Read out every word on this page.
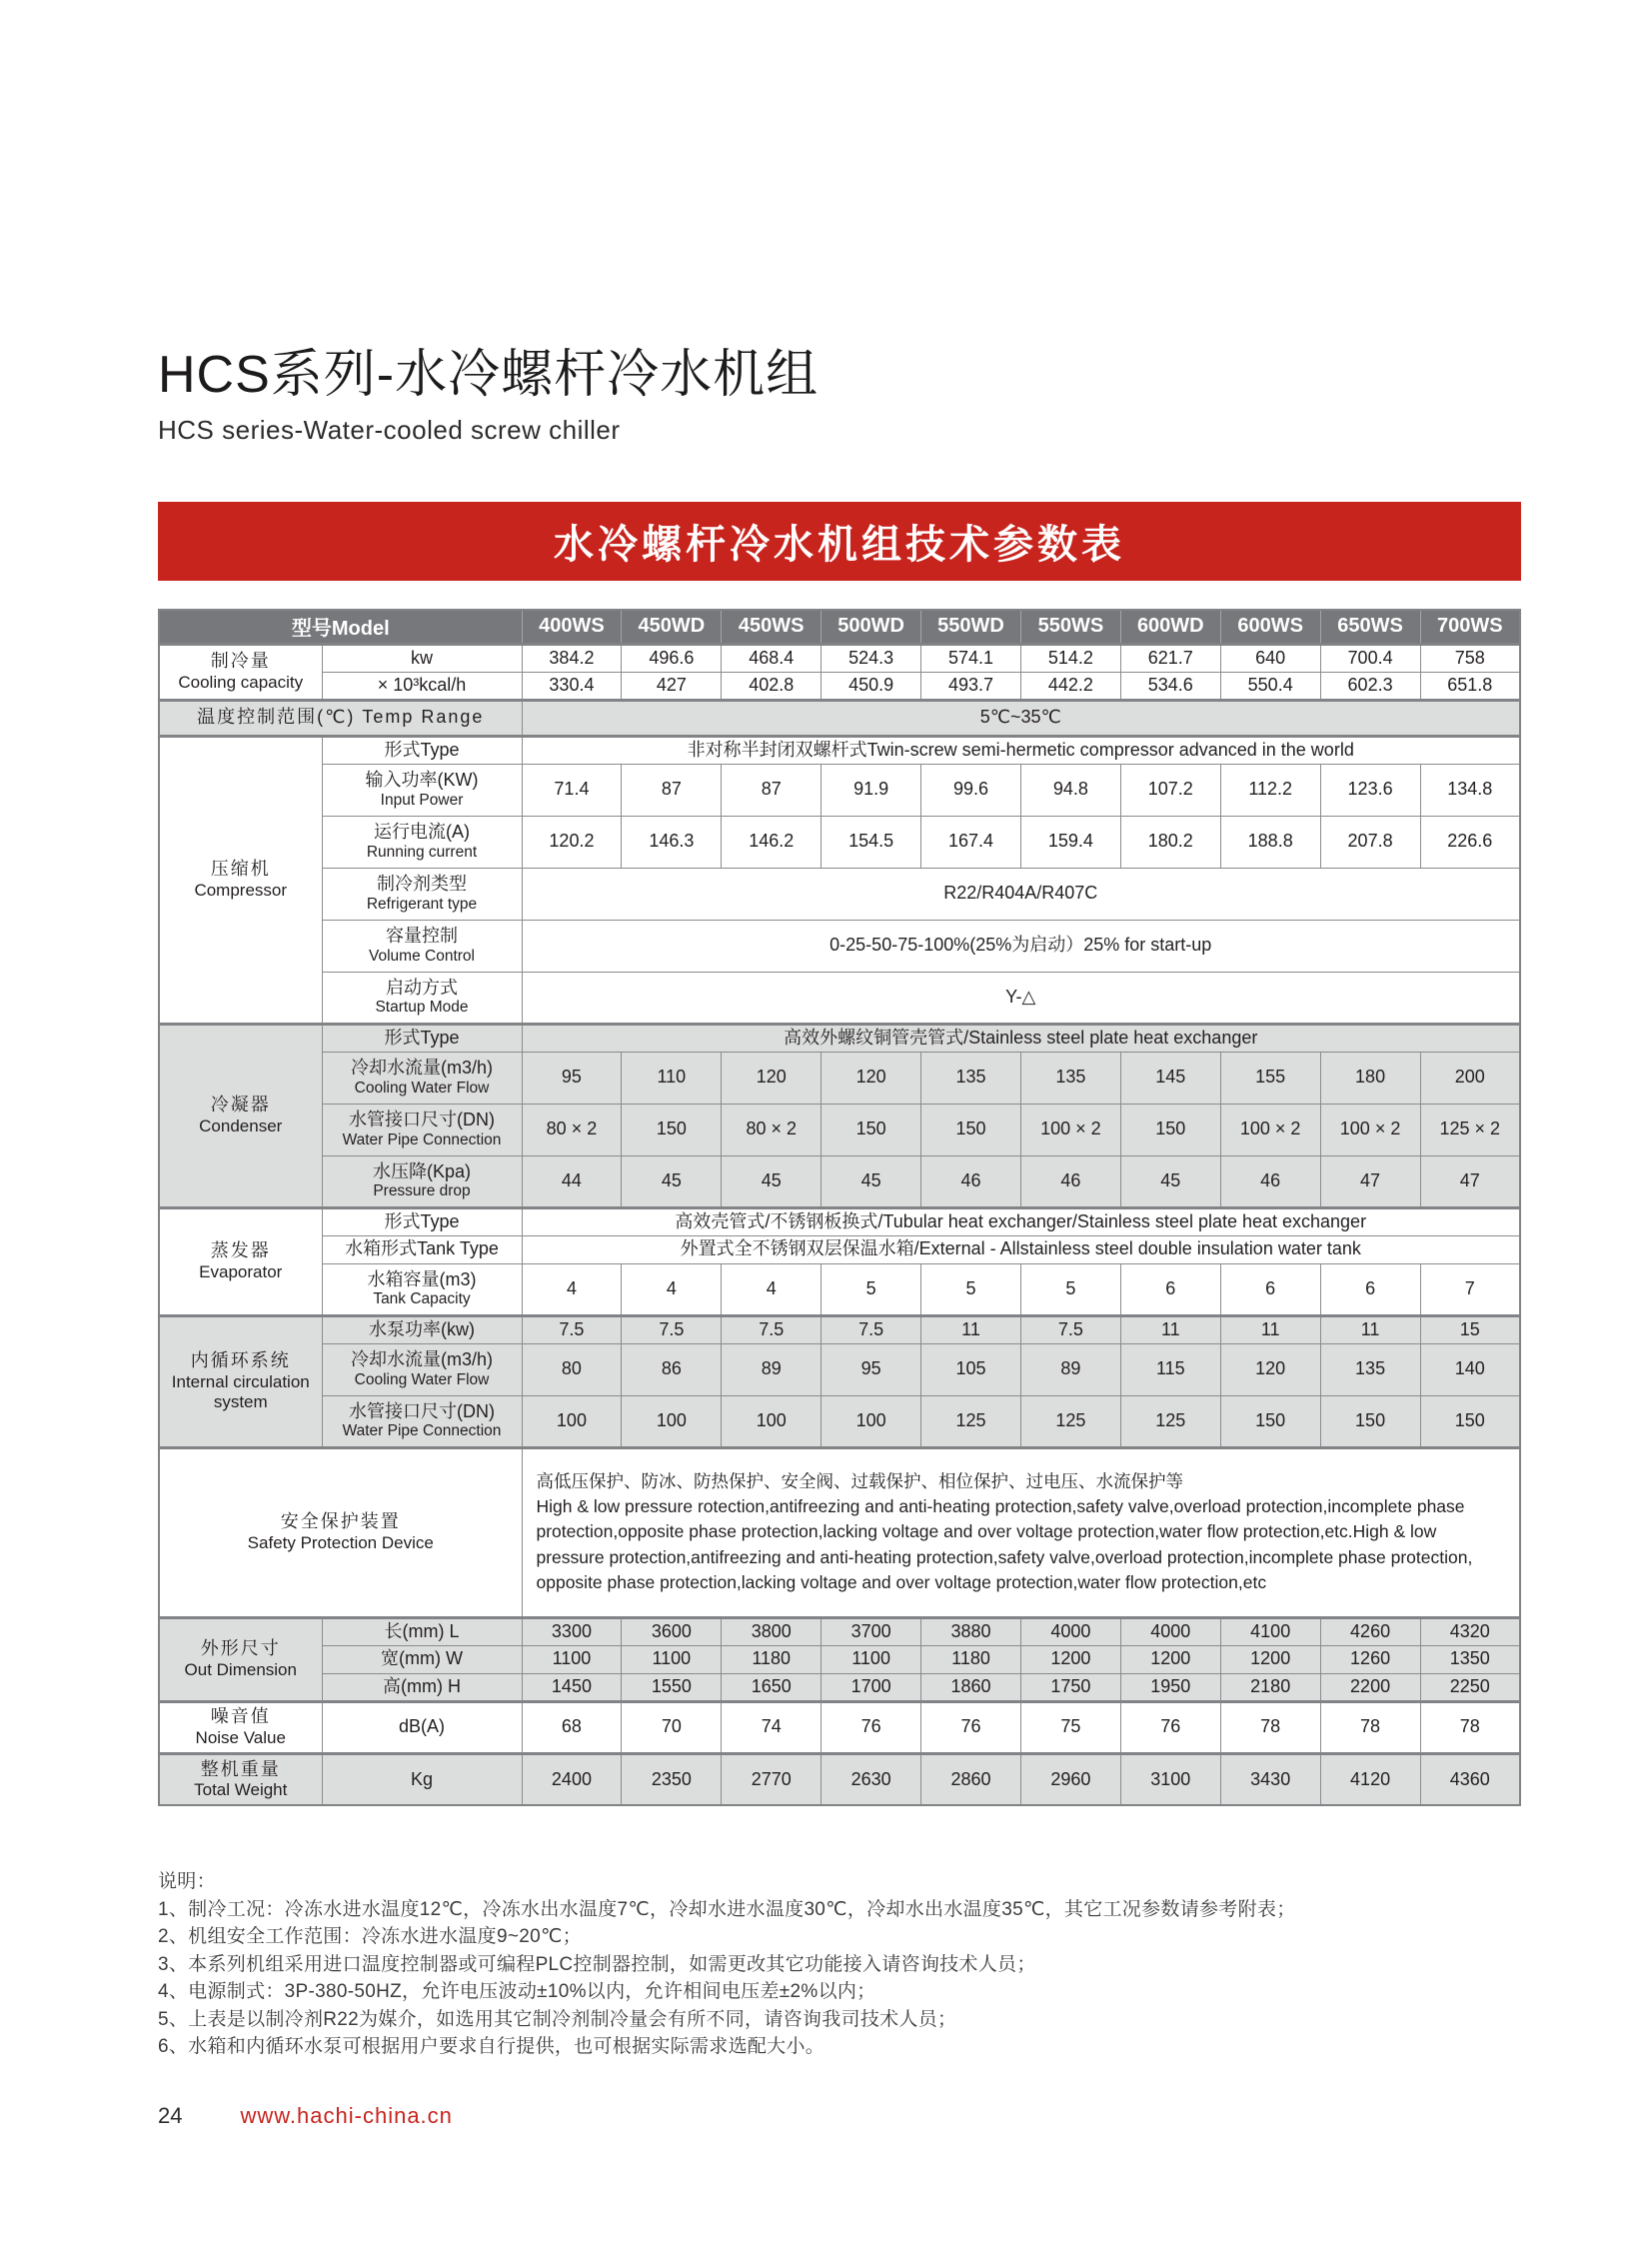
HCS系列-水冷螺杆冷水机组
HCS series-Water-cooled screw chiller
水冷螺杆冷水机组技术参数表
型号Model		400WS	450WD	450WS	500WD	550WD	550WS	600WD	600WS	650WS	700WS

制冷量
Cooling capacity	kw	384.2	496.6	468.4	524.3	574.1	514.2	621.7	640	700.4	758

	× 10³kcal/h	330.4	427	402.8	450.9	493.7	442.2	534.6	550.4	602.3	651.8

温度控制范围(℃) Temp Range		5℃~35℃									

压缩机
Compressor	形式Type	非对称半封闭双螺杆式Twin-screw semi-hermetic compressor advanced in the world									

	输入功率(KW)
Input Power	71.4	87	87	91.9	99.6	94.8	107.2	112.2	123.6	134.8

	运行电流(A)
Running current	120.2	146.3	146.2	154.5	167.4	159.4	180.2	188.8	207.8	226.6

	制冷剂类型
Refrigerant type	R22/R404A/R407C									

	容量控制
Volume Control	0-25-50-75-100%(25%为启动）25% for start-up									

	启动方式
Startup Mode	Y-△									

冷凝器
Condenser	形式Type	高效外螺纹铜管壳管式/Stainless steel plate heat exchanger									

	冷却水流量(m3/h)
Cooling Water Flow	95	110	120	120	135	135	145	155	180	200

	水管接口尺寸(DN)
Water Pipe Connection	80 × 2	150	80 × 2	150	150	100 × 2	150	100 × 2	100 × 2	125 × 2

	水压降(Kpa)
Pressure drop	44	45	45	45	46	46	45	46	47	47

蒸发器
Evaporator	形式Type	高效壳管式/不锈钢板换式/Tubular heat exchanger/Stainless steel plate heat exchanger									

	水箱形式Tank Type	外置式全不锈钢双层保温水箱/External - Allstainless steel double insulation water tank									

	水箱容量(m3)
Tank Capacity	4	4	4	5	5	5	6	6	6	7

内循环系统
Internal circulation system	水泵功率(kw)	7.5	7.5	7.5	7.5	11	7.5	11	11	11	15

	冷却水流量(m3/h)
Cooling Water Flow	80	86	89	95	105	89	115	120	135	140

	水管接口尺寸(DN)
Water Pipe Connection	100	100	100	100	125	125	125	150	150	150

安全保护装置
Safety Protection Device

高低压保护、防冰、防热保护、安全阀、过载保护、相位保护、过电压、水流保护等
High & low pressure rotection,antifreezing and anti-heating protection,safety valve,overload protection,incomplete phase protection,opposite phase protection,lacking voltage and over voltage protection,water flow protection,etc.High & low pressure protection,antifreezing and anti-heating protection,safety valve,overload protection,incomplete phase protection, opposite phase protection,lacking voltage and over voltage protection,water flow protection,etc

外形尺寸
Out Dimension	长(mm) L	3300	3600	3800	3700	3880	4000	4000	4100	4260	4320

	宽(mm) W	1100	1100	1180	1100	1180	1200	1200	1200	1260	1350

	高(mm) H	1450	1550	1650	1700	1860	1750	1950	2180	2200	2250

噪音值
Noise Value	dB(A)	68	70	74	76	76	75	76	78	78	78

整机重量
Total Weight	Kg	2400	2350	2770	2630	2860	2960	3100	3430	4120	4360
说明：
1、制冷工况：冷冻水进水温度12℃，冷冻水出水温度7℃，冷却水进水温度30℃，冷却水出水温度35℃，其它工况参数请参考附表；
2、机组安全工作范围：冷冻水进水温度9~20℃；
3、本系列机组采用进口温度控制器或可编程PLC控制器控制，如需更改其它功能接入请咨询技术人员；
4、电源制式：3P-380-50HZ，允许电压波动±10%以内，允许相间电压差±2%以内；
5、上表是以制冷剂R22为媒介，如选用其它制冷剂制冷量会有所不同，请咨询我司技术人员；
6、水箱和内循环水泵可根据用户要求自行提供，也可根据实际需求选配大小。
24	www.hachi-china.cn
